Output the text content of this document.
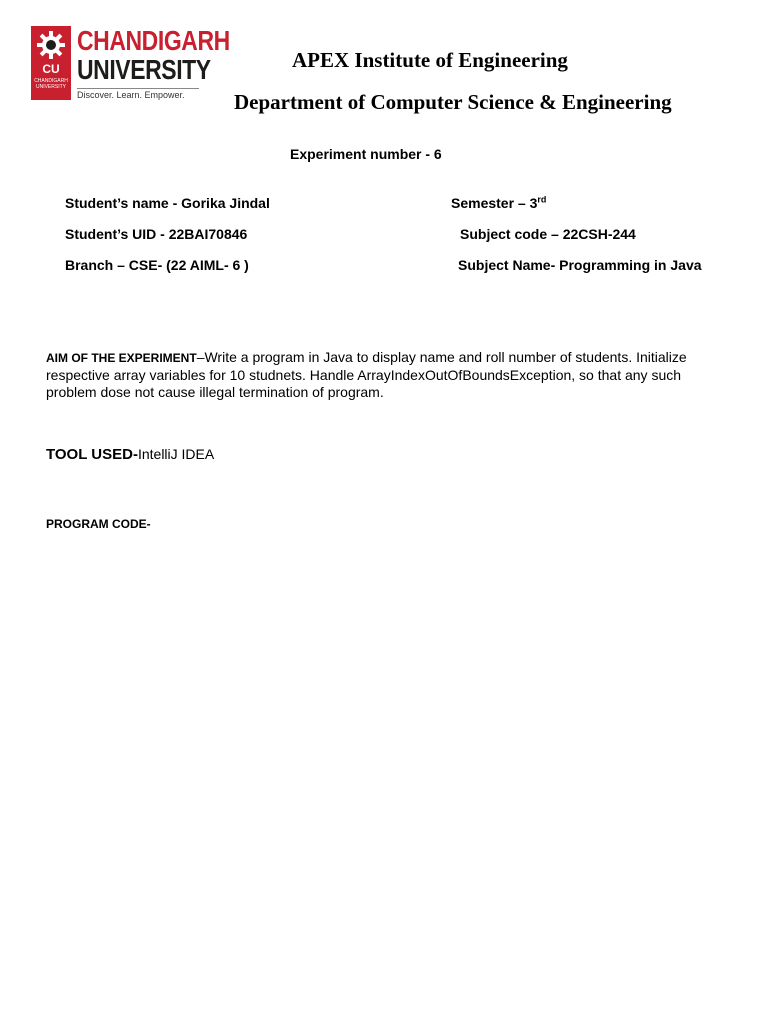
CU
CHANDIGARH UNIVERSITY
CHANDIGARH
UNIVERSITY
Discover. Learn. Empower.
APEX Institute of Engineering
Department of Computer Science & Engineering
Experiment number - 6
Student’s name - Gorika Jindal
Student’s UID - 22BAI70846
Branch – CSE- (22 AIML- 6 )
Semester – 3rd
Subject code – 22CSH-244
Subject Name- Programming in Java
AIM OF THE EXPERIMENT–Write a program in Java to display name and roll number of students. Initialize respective array variables for 10 studnets. Handle ArrayIndexOutOfBoundsException, so that any such problem dose not cause illegal termination of program.
TOOL USED-IntelliJ IDEA
PROGRAM CODE-
